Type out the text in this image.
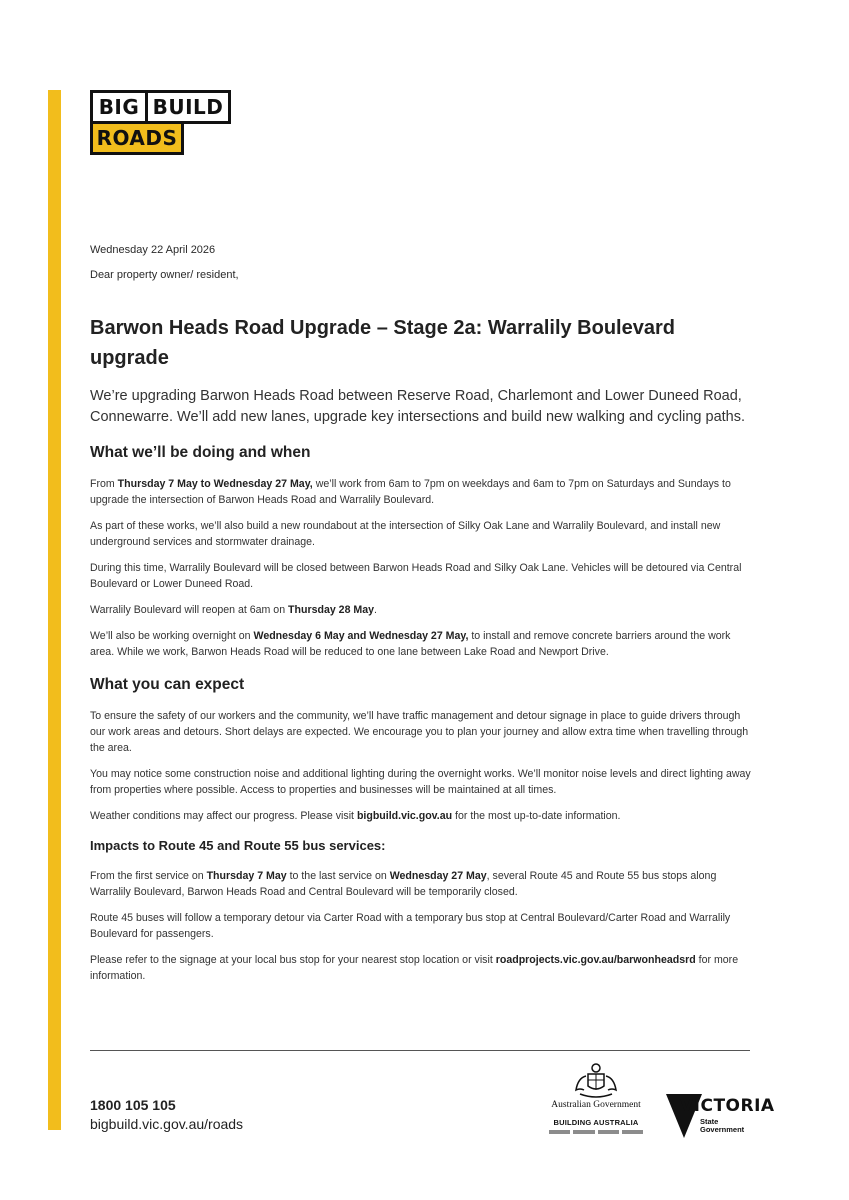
BIG BUILD
ROADS

Wednesday 22 April 2026

Dear property owner/ resident,

Barwon Heads Road Upgrade – Stage 2a: Warralily Boulevard upgrade

We’re upgrading Barwon Heads Road between Reserve Road, Charlemont and Lower Duneed Road, Connewarre. We’ll add new lanes, upgrade key intersections and build new walking and cycling paths.

What we’ll be doing and when

From Thursday 7 May to Wednesday 27 May, we’ll work from 6am to 7pm on weekdays and 6am to 7pm on Saturdays and Sundays to upgrade the intersection of Barwon Heads Road and Warralily Boulevard.

As part of these works, we’ll also build a new roundabout at the intersection of Silky Oak Lane and Warralily Boulevard, and install new underground services and stormwater drainage.

During this time, Warralily Boulevard will be closed between Barwon Heads Road and Silky Oak Lane. Vehicles will be detoured via Central Boulevard or Lower Duneed Road.

Warralily Boulevard will reopen at 6am on Thursday 28 May.

We’ll also be working overnight on Wednesday 6 May and Wednesday 27 May, to install and remove concrete barriers around the work area. While we work, Barwon Heads Road will be reduced to one lane between Lake Road and Newport Drive.

What you can expect

To ensure the safety of our workers and the community, we’ll have traffic management and detour signage in place to guide drivers through our work areas and detours. Short delays are expected. We encourage you to plan your journey and allow extra time when travelling through the area.

You may notice some construction noise and additional lighting during the overnight works. We’ll monitor noise levels and direct lighting away from properties where possible. Access to properties and businesses will be maintained at all times.

Weather conditions may affect our progress. Please visit bigbuild.vic.gov.au for the most up-to-date information.

Impacts to Route 45 and Route 55 bus services:

From the first service on Thursday 7 May to the last service on Wednesday 27 May, several Route 45 and Route 55 bus stops along Warralily Boulevard, Barwon Heads Road and Central Boulevard will be temporarily closed.

Route 45 buses will follow a temporary detour via Carter Road with a temporary bus stop at Central Boulevard/Carter Road and Warralily Boulevard for passengers.

Please refer to the signage at your local bus stop for your nearest stop location or visit roadprojects.vic.gov.au/barwonheadsrd for more information.

1800 105 105
bigbuild.vic.gov.au/roads
Australian Government
BUILDING AUSTRALIA
VICTORIA
State
Government
